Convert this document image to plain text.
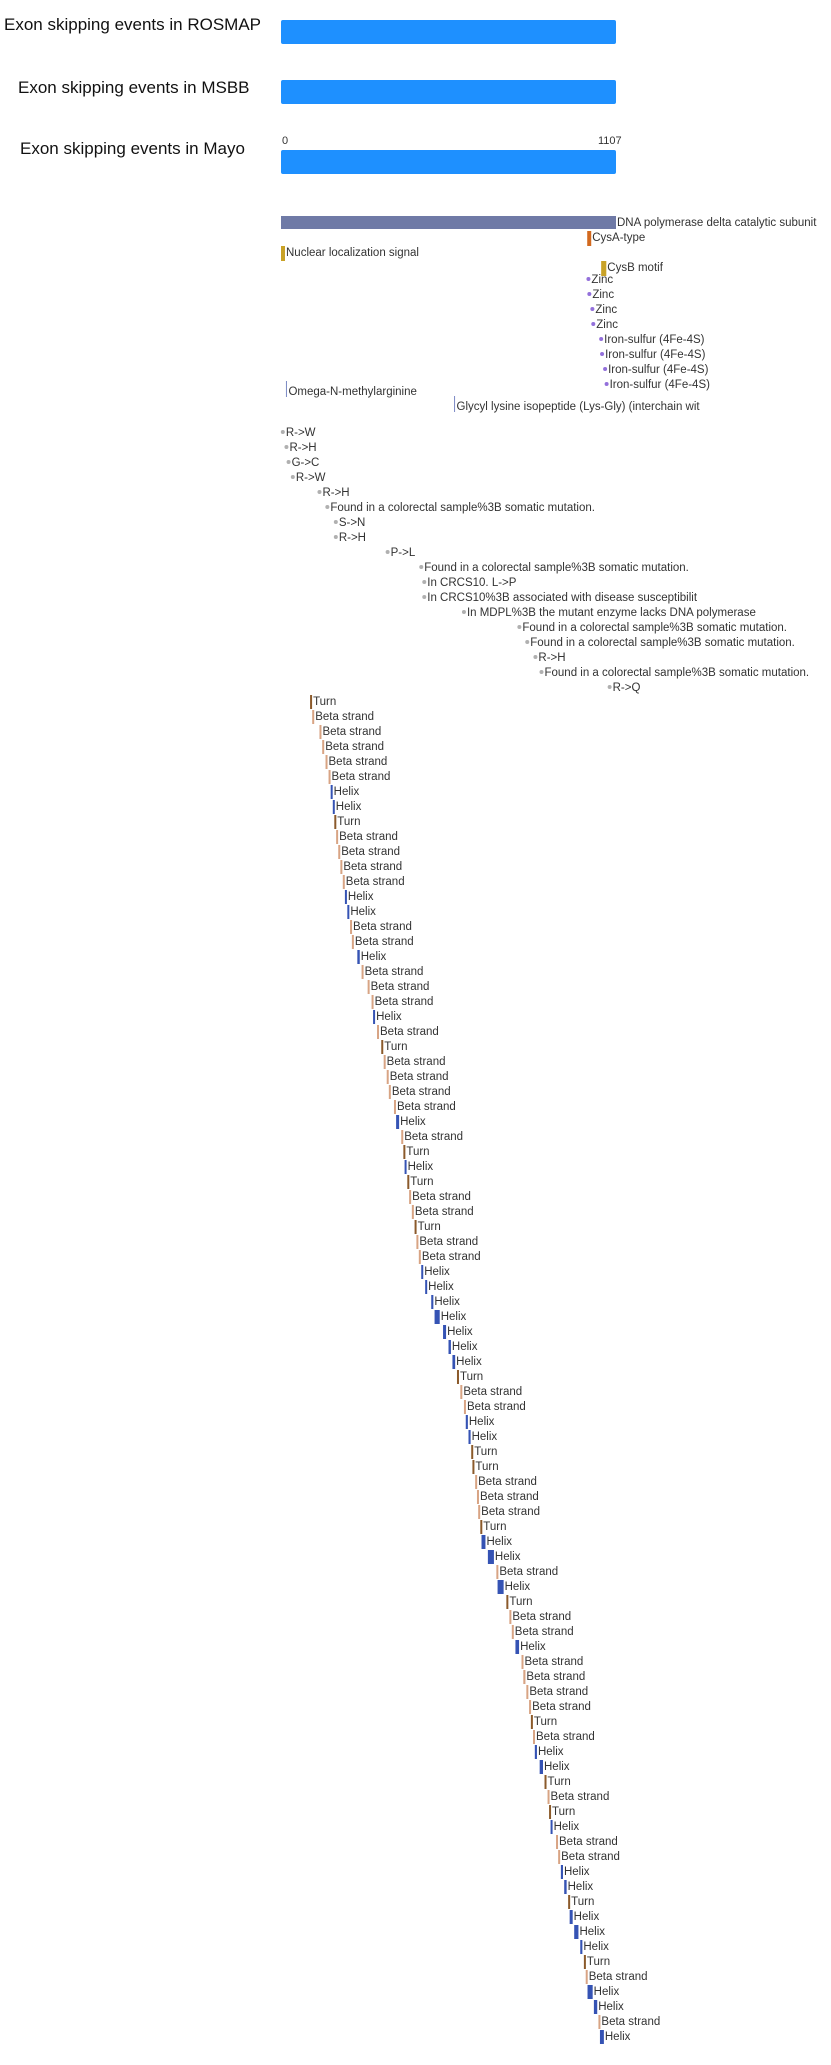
Exon skipping events in ROSMAP
Exon skipping events in MSBB
Exon skipping events in Mayo	0	1107
DNA polymerase delta catalytic subunit
CysA-type
Nuclear localization signal
CysB motif
Zinc
Zinc
Zinc
Zinc
Iron-sulfur (4Fe-4S)
Iron-sulfur (4Fe-4S)
Iron-sulfur (4Fe-4S)
Iron-sulfur (4Fe-4S)
Omega-N-methylarginine
Glycyl lysine isopeptide (Lys-Gly) (interchain wit
R->W
R->H
G->C
R->W
R->H
Found in a colorectal sample%3B somatic mutation.
S->N
R->H
P->L
Found in a colorectal sample%3B somatic mutation.
In CRCS10. L->P
In CRCS10%3B associated with disease susceptibilit
In MDPL%3B the mutant enzyme lacks DNA polymerase
Found in a colorectal sample%3B somatic mutation.
Found in a colorectal sample%3B somatic mutation.
R->H
Found in a colorectal sample%3B somatic mutation.
R->Q
Turn
Beta strand
Beta strand
Beta strand
Beta strand
Beta strand
Helix
Helix
Turn
Beta strand
Beta strand
Beta strand
Beta strand
Helix
Helix
Beta strand
Beta strand
Helix
Beta strand
Beta strand
Beta strand
Helix
Beta strand
Turn
Beta strand
Beta strand
Beta strand
Beta strand
Helix
Beta strand
Turn
Helix
Turn
Beta strand
Beta strand
Turn
Beta strand
Beta strand
Helix
Helix
Helix
Helix
Helix
Helix
Helix
Turn
Beta strand
Beta strand
Helix
Helix
Turn
Turn
Beta strand
Beta strand
Beta strand
Turn
Helix
Helix
Beta strand
Helix
Turn
Beta strand
Beta strand
Helix
Beta strand
Beta strand
Beta strand
Beta strand
Turn
Beta strand
Helix
Helix
Turn
Beta strand
Turn
Helix
Beta strand
Beta strand
Helix
Helix
Turn
Helix
Helix
Helix
Turn
Beta strand
Helix
Helix
Beta strand
Helix
